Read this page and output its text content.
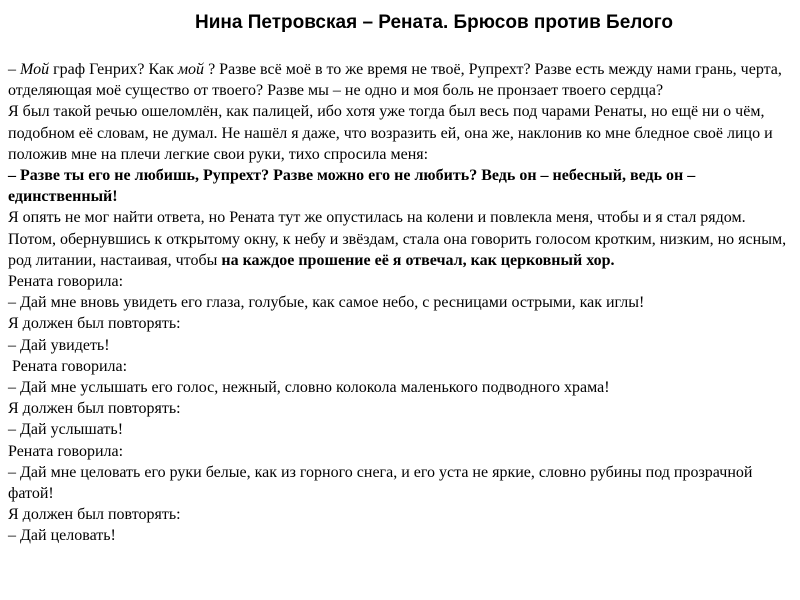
Нина Петровская – Рената. Брюсов против Белого

– Мой граф Генрих? Как мой ? Разве всё моё в то же время не твоё, Рупрехт? Разве есть между нами грань, черта, отделяющая моё существо от твоего? Разве мы – не одно и моя боль не пронзает твоего сердца?

Я был такой речью ошеломлён, как палицей, ибо хотя уже тогда был весь под чарами Ренаты, но ещё ни о чём, подобном её словам, не думал. Не нашёл я даже, что возразить ей, она же, наклонив ко мне бледное своё лицо и положив мне на плечи легкие свои руки, тихо спросила меня:

– Разве ты его не любишь, Рупрехт? Разве можно его не любить? Ведь он – небесный, ведь он – единственный!

Я опять не мог найти ответа, но Рената тут же опустилась на колени и повлекла меня, чтобы и я стал рядом. Потом, обернувшись к открытому окну, к небу и звёздам, стала она говорить голосом кротким, низким, но ясным, род литании, настаивая, чтобы на каждое прошение её я отвечал, как церковный хор.

Рената говорила:

– Дай мне вновь увидеть его глаза, голубые, как самое небо, с ресницами острыми, как иглы!

Я должен был повторять:

– Дай увидеть!

Рената говорила:

– Дай мне услышать его голос, нежный, словно колокола маленького подводного храма!

Я должен был повторять:

– Дай услышать!

Рената говорила:

– Дай мне целовать его руки белые, как из горного снега, и его уста не яркие, словно рубины под прозрачной фатой!

Я должен был повторять:

– Дай целовать!
